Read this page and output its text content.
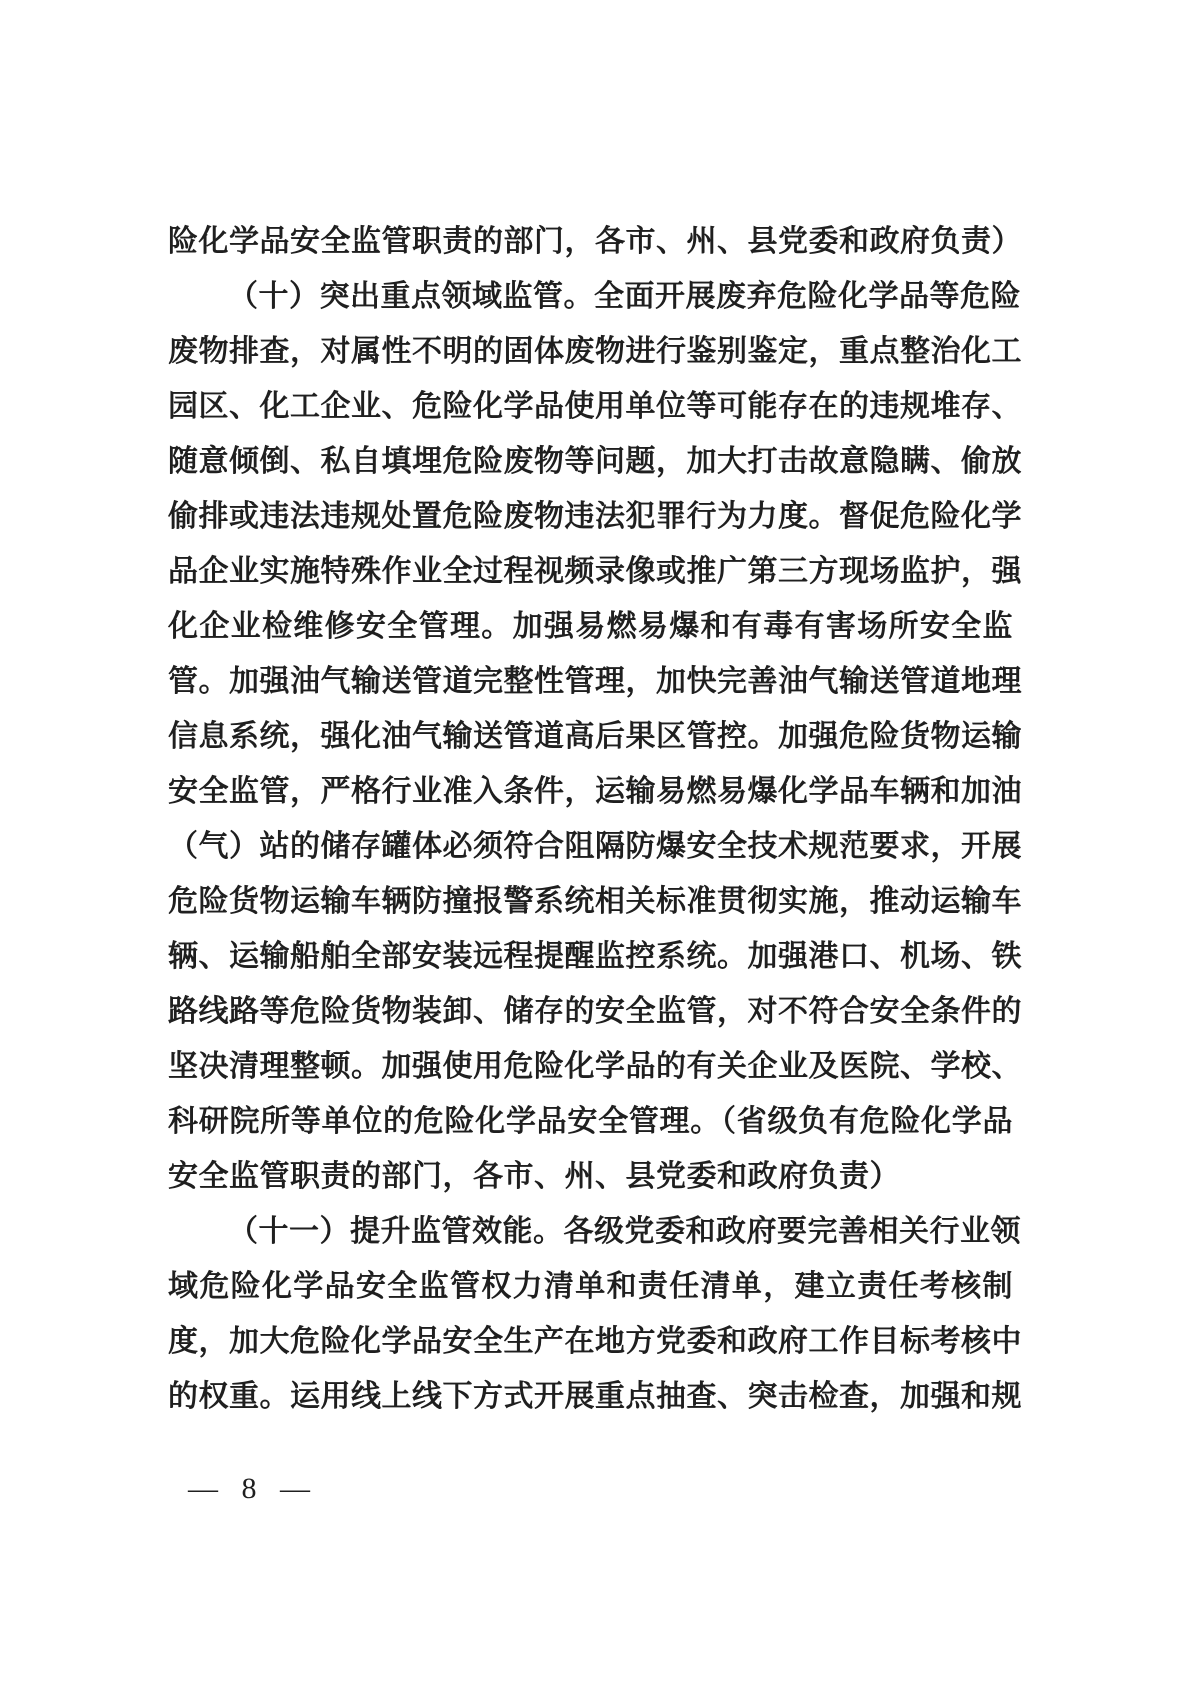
险化学品安全监管职责的部门，各市、州、县党委和政府负责）
（十）突出重点领域监管。全面开展废弃危险化学品等危险
废物排查，对属性不明的固体废物进行鉴别鉴定，重点整治化工
园区、化工企业、危险化学品使用单位等可能存在的违规堆存、
随意倾倒、私自填埋危险废物等问题，加大打击故意隐瞒、偷放
偷排或违法违规处置危险废物违法犯罪行为力度。督促危险化学
品企业实施特殊作业全过程视频录像或推广第三方现场监护，强
化企业检维修安全管理。加强易燃易爆和有毒有害场所安全监
管。加强油气输送管道完整性管理，加快完善油气输送管道地理
信息系统，强化油气输送管道高后果区管控。加强危险货物运输
安全监管，严格行业准入条件，运输易燃易爆化学品车辆和加油
（气）站的储存罐体必须符合阻隔防爆安全技术规范要求，开展
危险货物运输车辆防撞报警系统相关标准贯彻实施，推动运输车
辆、运输船舶全部安装远程提醒监控系统。加强港口、机场、铁
路线路等危险货物装卸、储存的安全监管，对不符合安全条件的
坚决清理整顿。加强使用危险化学品的有关企业及医院、学校、
科研院所等单位的危险化学品安全管理。（省级负有危险化学品
安全监管职责的部门，各市、州、县党委和政府负责）
（十一）提升监管效能。各级党委和政府要完善相关行业领
域危险化学品安全监管权力清单和责任清单，建立责任考核制
度，加大危险化学品安全生产在地方党委和政府工作目标考核中
的权重。运用线上线下方式开展重点抽查、突击检查，加强和规
— 8 —
